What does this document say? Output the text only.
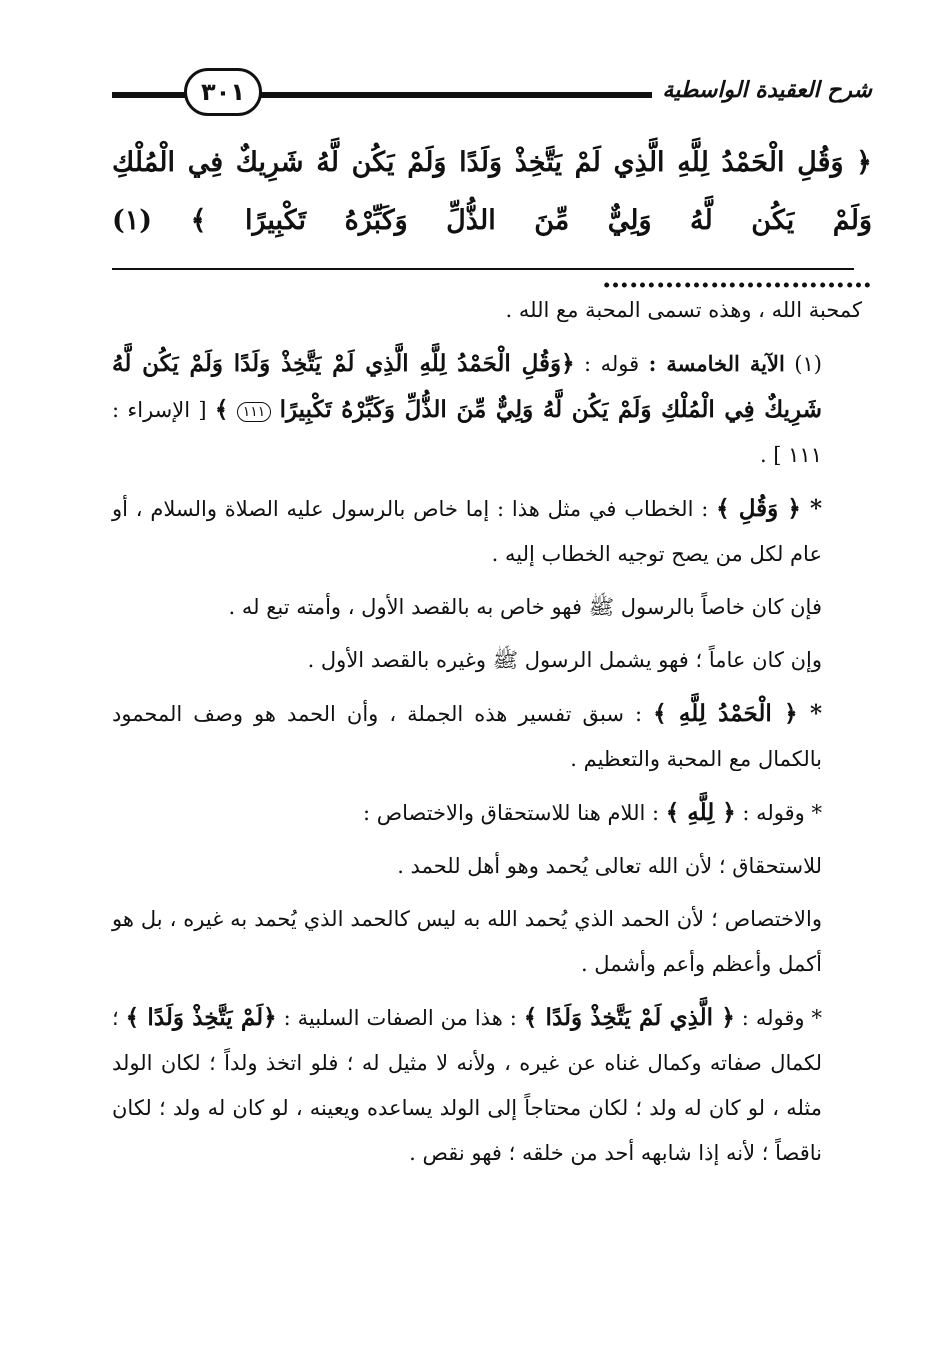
شرح العقيدة الواسطية
٣٠١
﴿ وَقُلِ الْحَمْدُ لِلَّهِ الَّذِي لَمْ يَتَّخِذْ وَلَدًا وَلَمْ يَكُن لَّهُ شَرِيكٌ فِي الْمُلْكِ وَلَمْ يَكُن لَّهُ وَلِيٌّ مِّنَ الذُّلِّ وَكَبِّرْهُ تَكْبِيرًا ﴾ (١) …………………………

كمحبة الله ، وهذه تسمى المحبة مع الله .

(١) الآية الخامسة : قوله : ﴿وَقُلِ الْحَمْدُ لِلَّهِ الَّذِي لَمْ يَتَّخِذْ وَلَدًا وَلَمْ يَكُن لَّهُ شَرِيكٌ فِي الْمُلْكِ وَلَمْ يَكُن لَّهُ وَلِيٌّ مِّنَ الذُّلِّ وَكَبِّرْهُ تَكْبِيرًا ١١١ ﴾ [ الإسراء : ١١١ ] .

* ﴿ وَقُلِ ﴾ : الخطاب في مثل هذا : إما خاص بالرسول عليه الصلاة والسلام ، أو عام لكل من يصح توجيه الخطاب إليه .

فإن كان خاصاً بالرسول ﷺ فهو خاص به بالقصد الأول ، وأمته تبع له .

وإن كان عاماً ؛ فهو يشمل الرسول ﷺ وغيره بالقصد الأول .

* ﴿ الْحَمْدُ لِلَّهِ ﴾ : سبق تفسير هذه الجملة ، وأن الحمد هو وصف المحمود بالكمال مع المحبة والتعظيم .

* وقوله : ﴿ لِلَّهِ ﴾ : اللام هنا للاستحقاق والاختصاص :

للاستحقاق ؛ لأن الله تعالى يُحمد وهو أهل للحمد .

والاختصاص ؛ لأن الحمد الذي يُحمد الله به ليس كالحمد الذي يُحمد به غيره ، بل هو أكمل وأعظم وأعم وأشمل .

* وقوله : ﴿ الَّذِي لَمْ يَتَّخِذْ وَلَدًا ﴾ : هذا من الصفات السلبية : ﴿لَمْ يَتَّخِذْ وَلَدًا ﴾ ؛ لكمال صفاته وكمال غناه عن غيره ، ولأنه لا مثيل له ؛ فلو اتخذ ولداً ؛ لكان الولد مثله ، لو كان له ولد ؛ لكان محتاجاً إلى الولد يساعده ويعينه ، لو كان له ولد ؛ لكان ناقصاً ؛ لأنه إذا شابهه أحد من خلقه ؛ فهو نقص .
